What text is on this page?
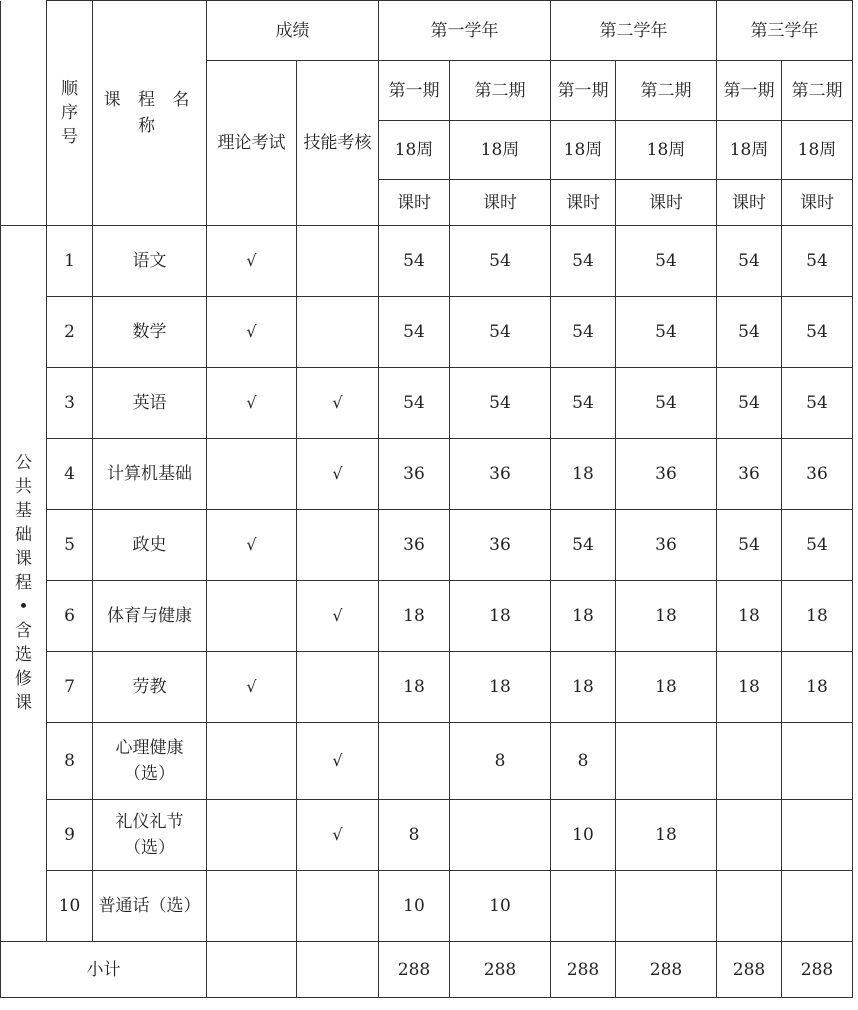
	顺序号	课 程 名 称	成绩		第一学年		第二学年		第三学年	
			理论考试	技能考核	第一期	第二期	第一期	第二期	第一期	第二期
					18周	18周	18周	18周	18周	18周
					课时	课时	课时	课时	课时	课时
公共基础课程•含选修课	1	语文	√		54	54	54	54	54	54
	2	数学	√		54	54	54	54	54	54
	3	英语	√	√	54	54	54	54	54	54
	4	计算机基础		√	36	36	18	36	36	36
	5	政史	√		36	36	54	36	54	54
	6	体育与健康		√	18	18	18	18	18	18
	7	劳教	√		18	18	18	18	18	18
	8	心理健康（选）		√		8	8			
	9	礼仪礼节（选）		√	8		10	18		
	10	普通话（选）			10	10				
小计					288	288	288	288	288	288
